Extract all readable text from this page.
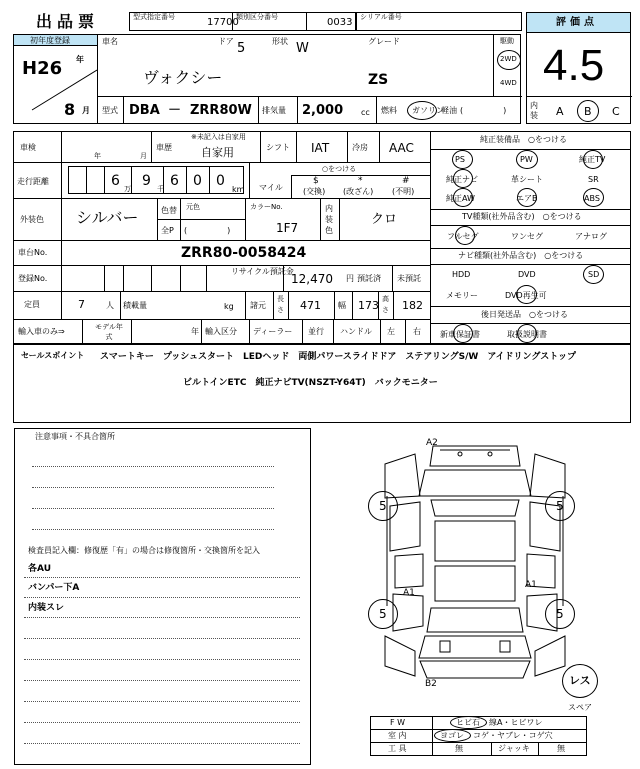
出品票	型式指定番号	17700
類別区分番号	0033 シリアル番号	評価点
4.5
内装 A B C
初年度登録
H26 年
8 月
車名	ドア 5	形状 W	グレード
ヴォクシー	ZS
駆動
2WD
4WD
型式 DBA － ZRR80W 排気量 2,000 cc 燃料 ガソリン
軽油 (　　　　　)
車検
年	月
車歴
※未記入は自家用
自家用	シフト IAT	冷房 AAC
走行距離	6 万 9 千 6 0 0
km マイル
○をつける
$
(交換)
*
(改ざん)
#
(不明)
外装色 シルバー	色替
全P
元色
(　　　　　)
カラーNo.
1F7
内装色
クロ
車台No.	ZRR80-0058424
登録No.
リサイクル預託金
12,470 円 預託済 未預託
定員	7	人 積載量	kg 諸元
長さ 471 幅 173 高さ 182
輸入車のみ⇒	モデル年式
年 輸入区分 ディーラー 並行 ハンドル 左 右
純正装備品　○をつける
PS	PW	純正TV
純正ナビ	革シート	SR
純正AW	エアB	ABS
TV種類(社外品含む)　○をつける
フルセグ	ワンセグ	アナログ
ナビ種類(社外品含む)　○をつける
HDD	DVD	SD
メモリー	DVD再生可
後日発送品　○をつける
新車保証書	取扱説明書
セールスポイント スマートキー　プッシュスタート　LEDヘッド　両側パワースライドドア　ステアリングS/W　アイドリングストップ
ビルトインETC　純正ナビTV(NSZT-Y64T)　バックモニター
注意事項・不具合箇所
検査員記入欄：修復歴「有」の場合は修復箇所・交換箇所を記入
各AU
バンパー下A
内装スレ
A2
A1
A1
B2
5	5
5	5
レス
スペア
F W	ヒビ石 線A・ヒビワレ
室 内	ヨゴレ コゲ・ヤブレ・コゲ穴
工 具	無	ジャッキ	無
